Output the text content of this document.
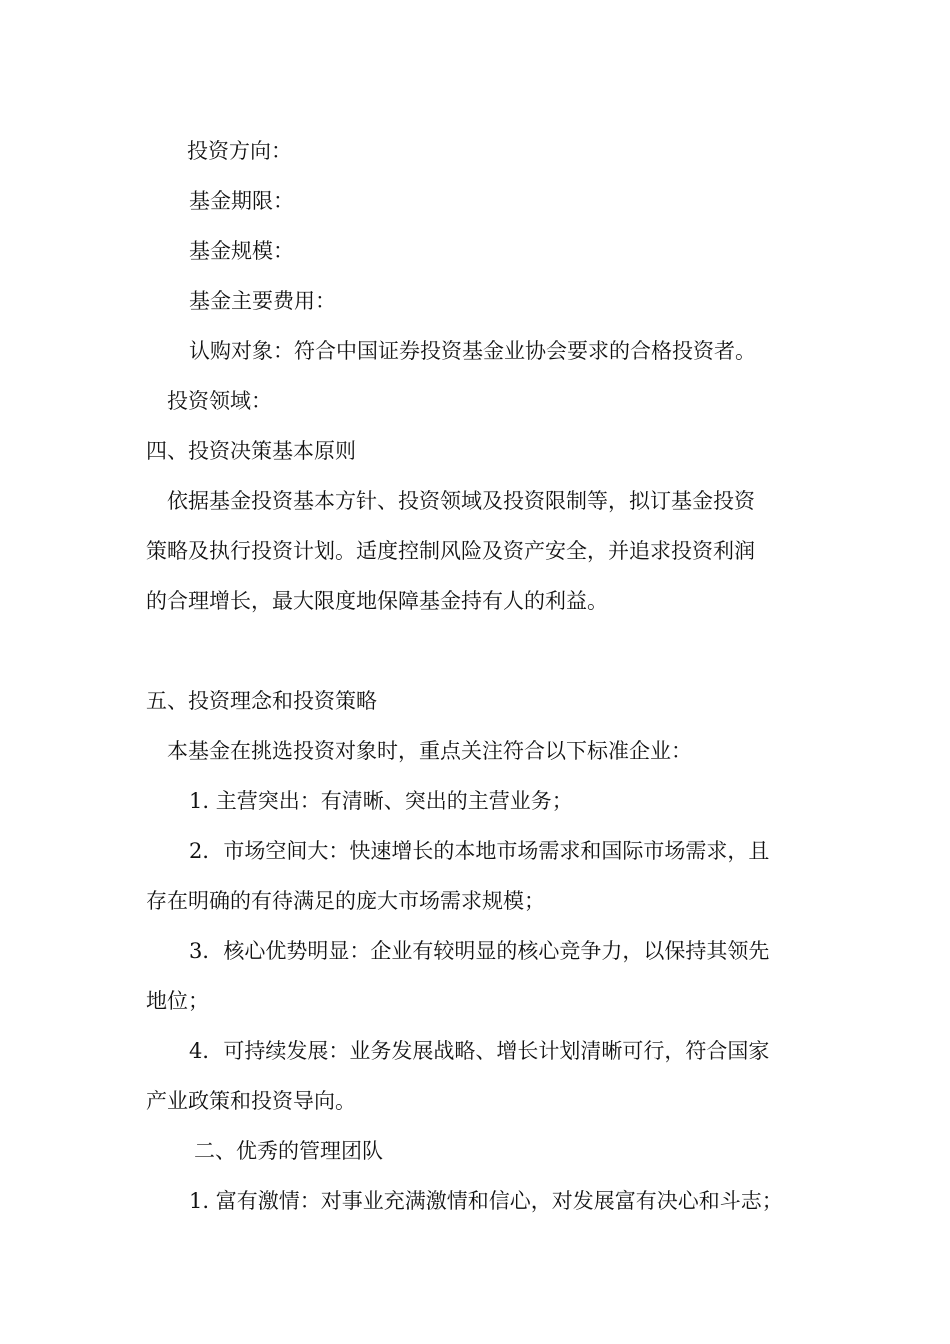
投资方向：
基金期限：
基金规模：
基金主要费用：
认购对象：符合中国证券投资基金业协会要求的合格投资者。
投资领域：
四、投资决策基本原则
依据基金投资基本方针、投资领域及投资限制等，拟订基金投资
策略及执行投资计划。适度控制风险及资产安全，并追求投资利润
的合理增长，最大限度地保障基金持有人的利益。
五、投资理念和投资策略
本基金在挑选投资对象时，重点关注符合以下标准企业：
1. 主营突出：有清晰、突出的主营业务；
2．市场空间大：快速增长的本地市场需求和国际市场需求，且
存在明确的有待满足的庞大市场需求规模；
3．核心优势明显：企业有较明显的核心竞争力，以保持其领先
地位；
4．可持续发展：业务发展战略、增长计划清晰可行，符合国家
产业政策和投资导向。
二、优秀的管理团队
1. 富有激情：对事业充满激情和信心，对发展富有决心和斗志；
